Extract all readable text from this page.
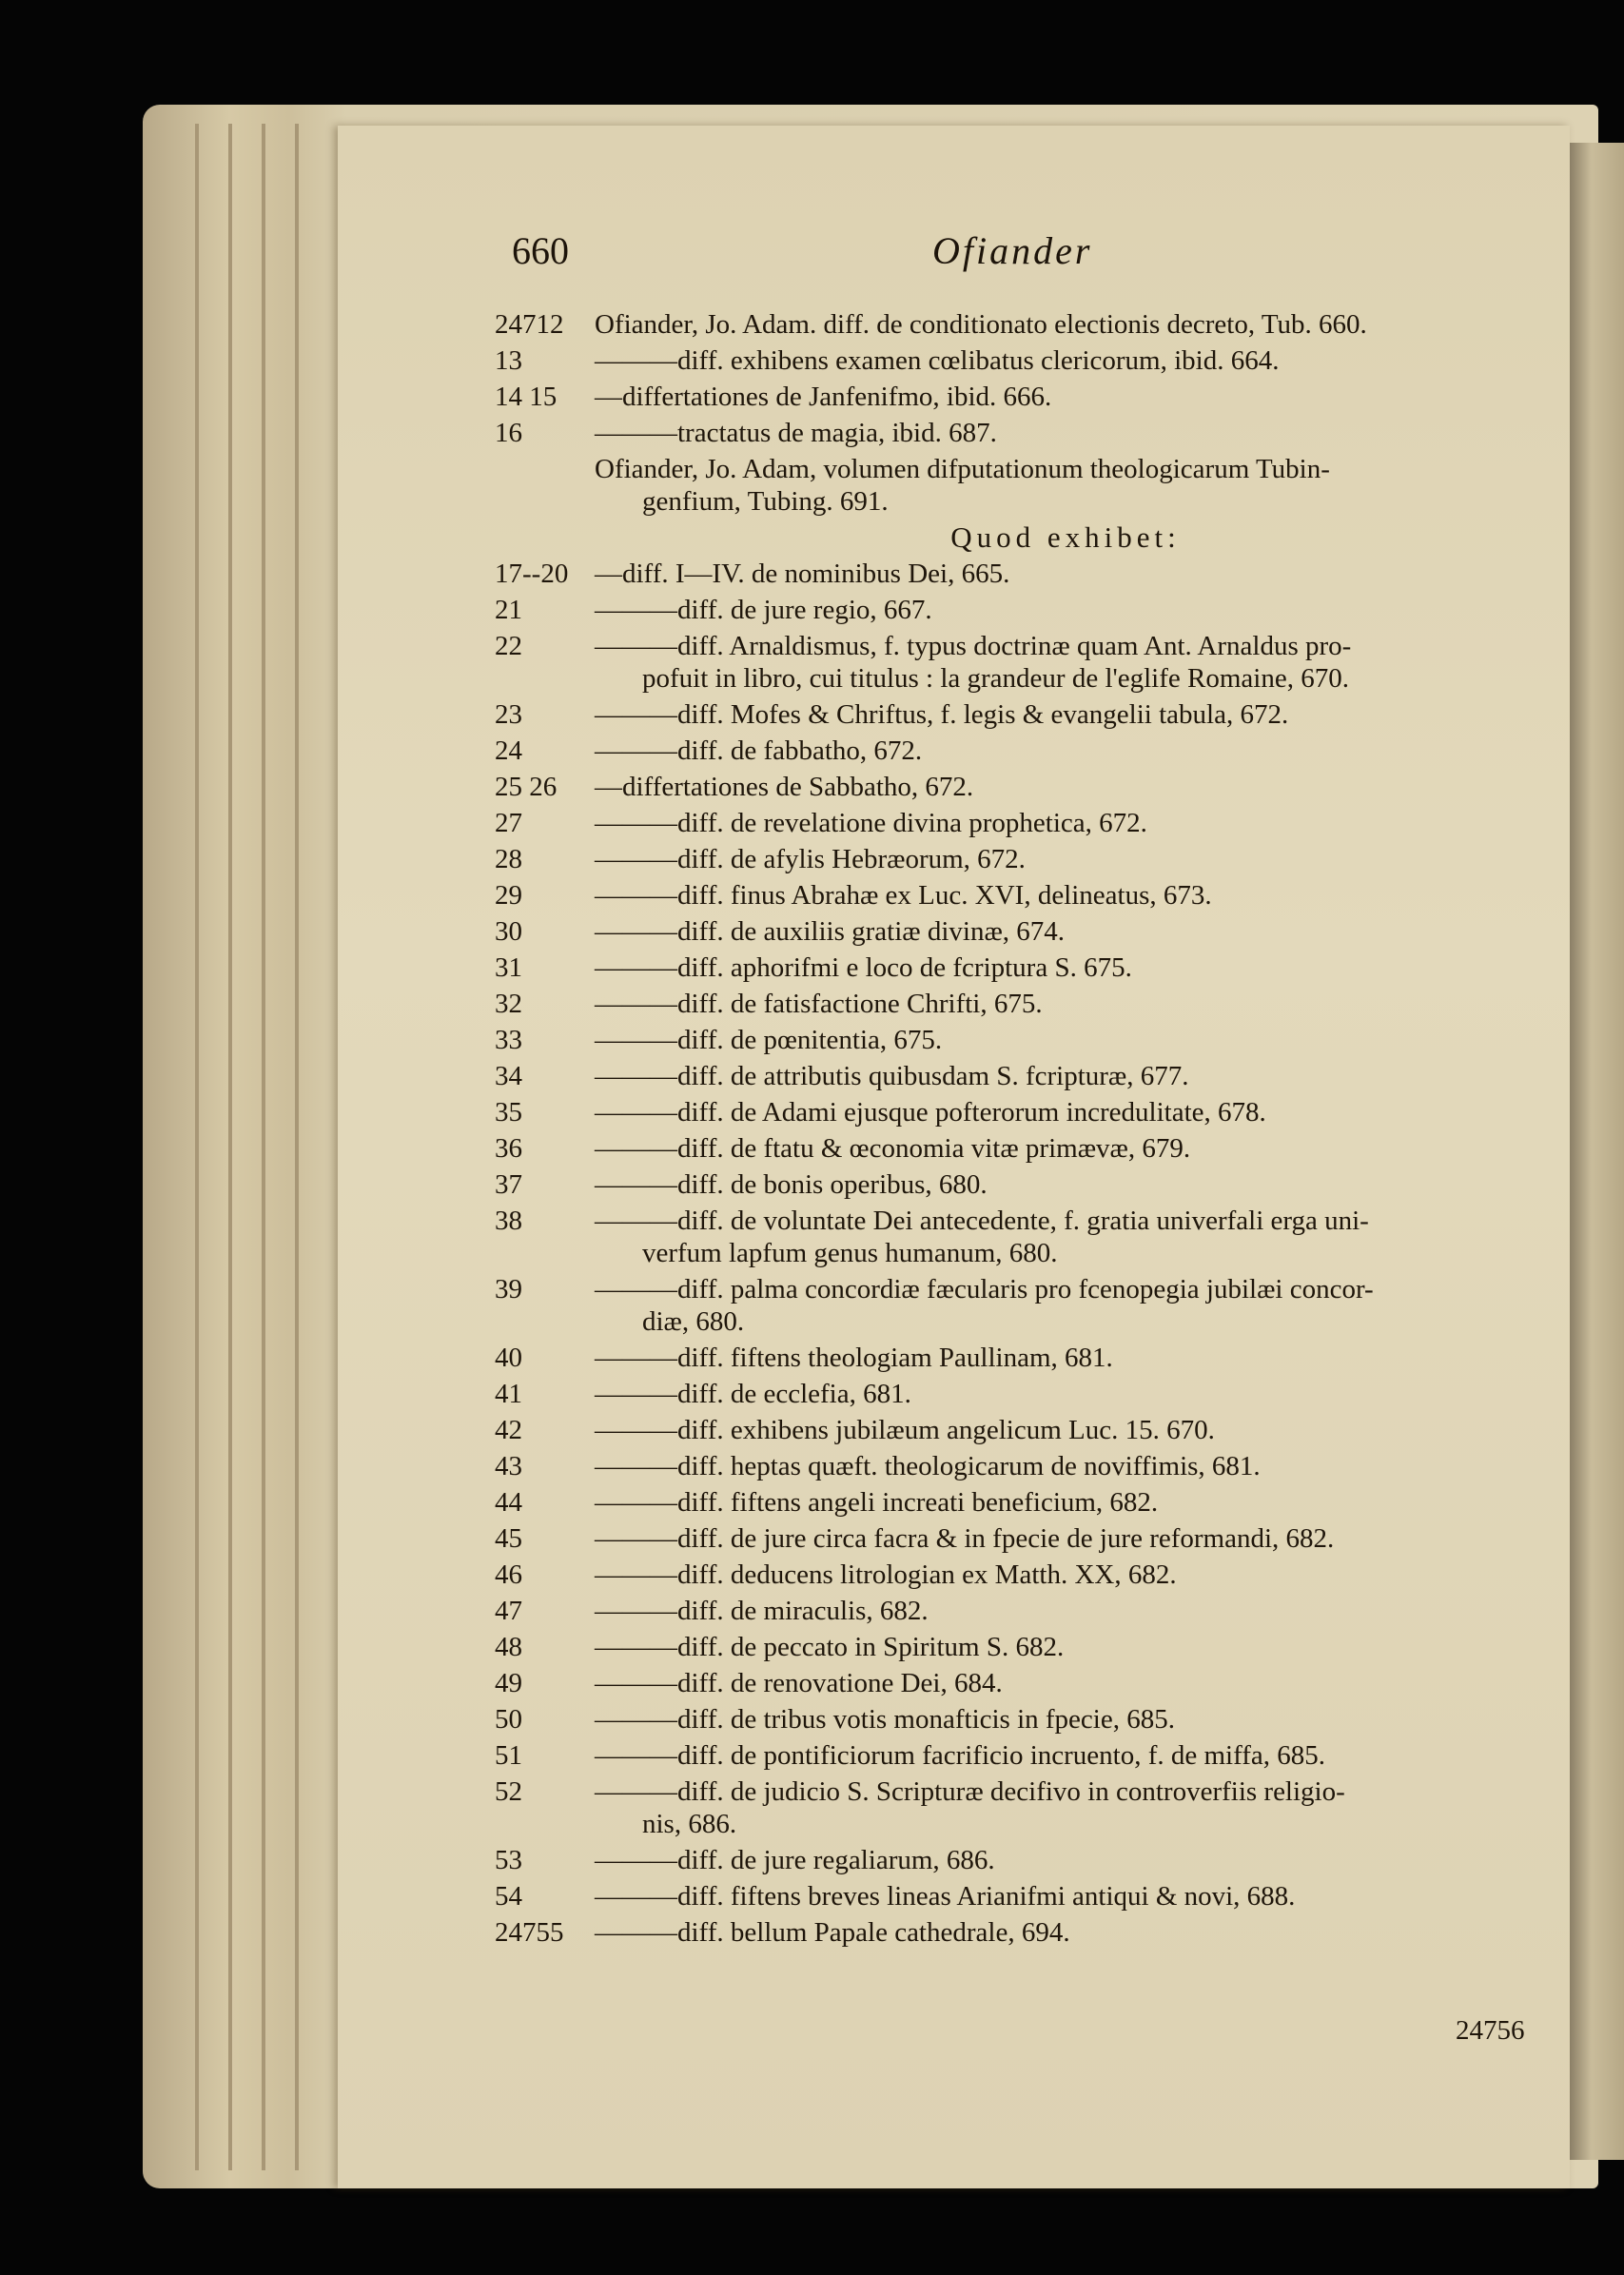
660	Ofiander
24712	Ofiander, Jo. Adam. diff. de conditionato electionis decreto, Tub. 660.
13	———diff. exhibens examen cœlibatus clericorum, ibid. 664.
14 15	—differtationes de Janfenifmo, ibid. 666.
16	———tractatus de magia, ibid. 687.
Ofiander, Jo. Adam, volumen difputationum theologicarum Tubin-
genfium, Tubing. 691.
Quod exhibet:
17--20 —diff. I—IV. de nominibus Dei, 665.
21	———diff. de jure regio, 667.
22	———diff. Arnaldismus, f. typus doctrinæ quam Ant. Arnaldus pro-
pofuit in libro, cui titulus : la grandeur de l'eglife Romaine, 670.
23	———diff. Mofes & Chriftus, f. legis & evangelii tabula, 672.
24	———diff. de fabbatho, 672.
25 26	—differtationes de Sabbatho, 672.
27	———diff. de revelatione divina prophetica, 672.
28	———diff. de afylis Hebræorum, 672.
29	———diff. finus Abrahæ ex Luc. XVI, delineatus, 673.
30	———diff. de auxiliis gratiæ divinæ, 674.
31	———diff. aphorifmi e loco de fcriptura S. 675.
32	———diff. de fatisfactione Chrifti, 675.
33	———diff. de pœnitentia, 675.
34	———diff. de attributis quibusdam S. fcripturæ, 677.
35	———diff. de Adami ejusque pofterorum incredulitate, 678.
36	———diff. de ftatu & œconomia vitæ primævæ, 679.
37	———diff. de bonis operibus, 680.
38	———diff. de voluntate Dei antecedente, f. gratia univerfali erga uni-
verfum lapfum genus humanum, 680.
39	———diff. palma concordiæ fæcularis pro fcenopegia jubilæi concor-
diæ, 680.
40	———diff. fiftens theologiam Paullinam, 681.
41	———diff. de ecclefia, 681.
42	———diff. exhibens jubilæum angelicum Luc. 15. 670.
43	———diff. heptas quæft. theologicarum de noviffimis, 681.
44	———diff. fiftens angeli increati beneficium, 682.
45	———diff. de jure circa facra & in fpecie de jure reformandi, 682.
46	———diff. deducens litrologian ex Matth. XX, 682.
47	———diff. de miraculis, 682.
48	———diff. de peccato in Spiritum S. 682.
49	———diff. de renovatione Dei, 684.
50	———diff. de tribus votis monafticis in fpecie, 685.
51	———diff. de pontificiorum facrificio incruento, f. de miffa, 685.
52	———diff. de judicio S. Scripturæ decifivo in controverfiis religio-
nis, 686.
53	———diff. de jure regaliarum, 686.
54	———diff. fiftens breves lineas Arianifmi antiqui & novi, 688.
24755	———diff. bellum Papale cathedrale, 694.
24756
